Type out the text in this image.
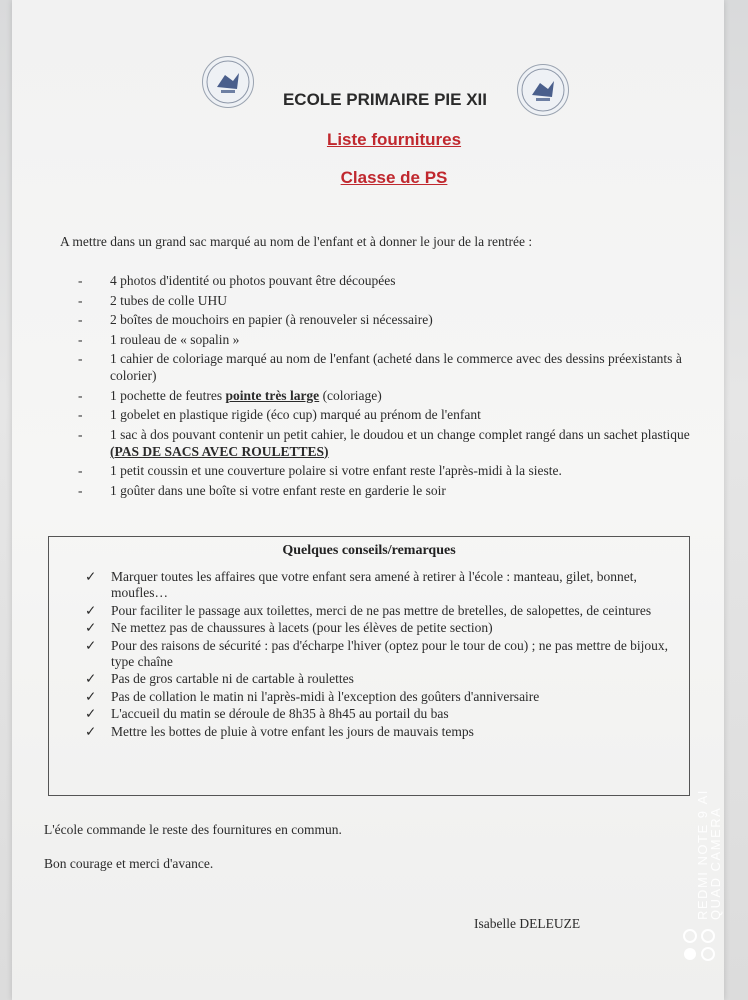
ECOLE PRIMAIRE PIE XII
Liste fournitures
Classe de PS
A mettre dans un grand sac marqué au nom de l'enfant et à donner le jour de la rentrée :
- 4 photos d'identité ou photos pouvant être découpées
- 2 tubes de colle UHU
- 2 boîtes de mouchoirs en papier (à renouveler si nécessaire)
- 1 rouleau de « sopalin »
- 1 cahier de coloriage marqué au nom de l'enfant (acheté dans le commerce avec des dessins préexistants à colorier)
- 1 pochette de feutres pointe très large (coloriage)
- 1 gobelet en plastique rigide (éco cup) marqué au prénom de l'enfant
- 1 sac à dos pouvant contenir un petit cahier, le doudou et un change complet rangé dans un sachet plastique (PAS DE SACS AVEC ROULETTES)
- 1 petit coussin et une couverture polaire si votre enfant reste l'après-midi à la sieste.
- 1 goûter dans une boîte si votre enfant reste en garderie le soir
Quelques conseils/remarques
✓ Marquer toutes les affaires que votre enfant sera amené à retirer à l'école : manteau, gilet, bonnet, moufles…
✓ Pour faciliter le passage aux toilettes, merci de ne pas mettre de bretelles, de salopettes, de ceintures
✓ Ne mettez pas de chaussures à lacets (pour les élèves de petite section)
✓ Pour des raisons de sécurité : pas d'écharpe l'hiver (optez pour le tour de cou) ; ne pas mettre de bijoux, type chaîne
✓ Pas de gros cartable ni de cartable à roulettes
✓ Pas de collation le matin ni l'après-midi à l'exception des goûters d'anniversaire
✓ L'accueil du matin se déroule de 8h35 à 8h45 au portail du bas
✓ Mettre les bottes de pluie à votre enfant les jours de mauvais temps
L'école commande le reste des fournitures en commun.
Bon courage et merci d'avance.
Isabelle DELEUZE
REDMI NOTE 9 AI QUAD CAMERA
